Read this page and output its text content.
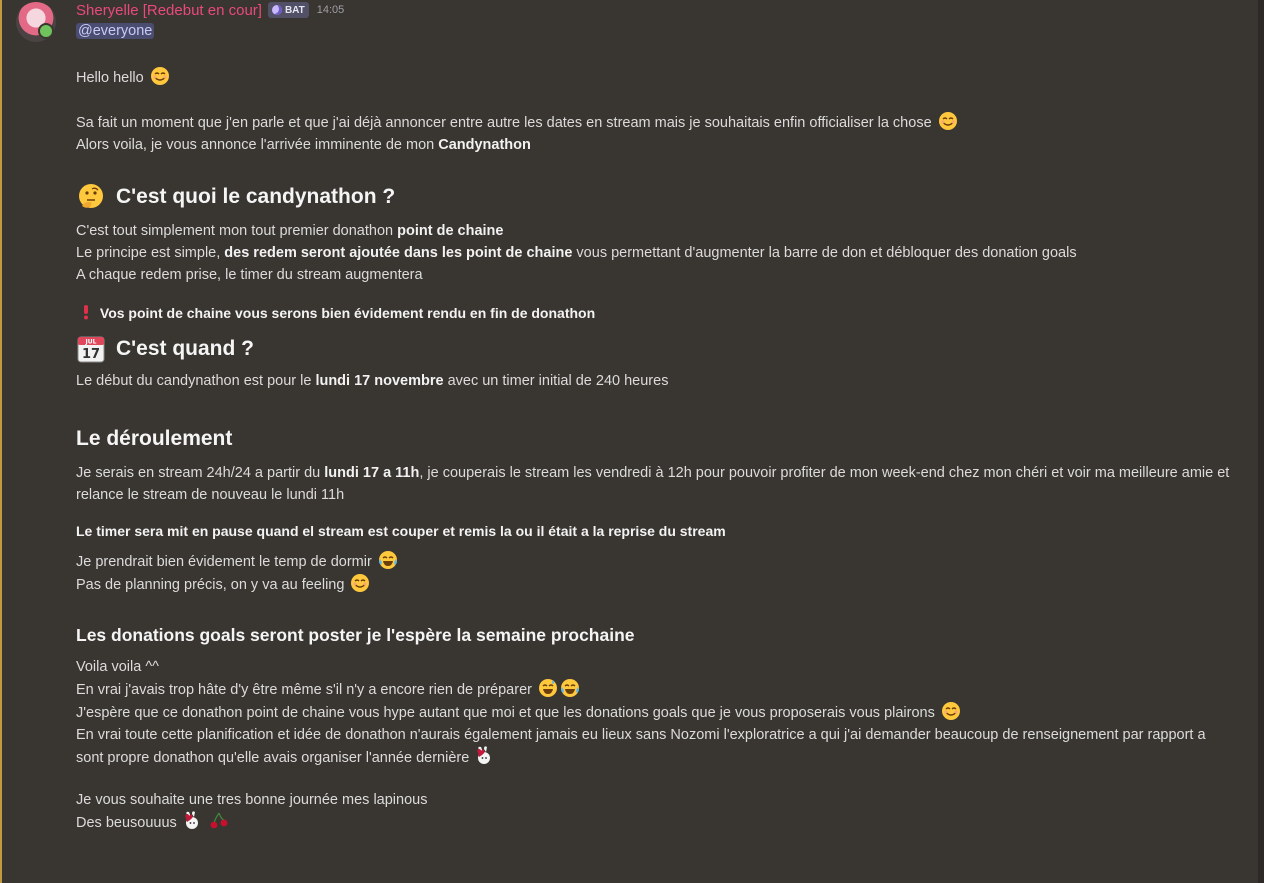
Sheryelle [Redebut en cour] BAT 14:05
@everyone
Hello hello
Sa fait un moment que j'en parle et que j'ai déjà annoncer entre autre les dates en stream mais je souhaitais enfin officialiser la chose
Alors voila, je vous annonce l'arrivée imminente de mon Candynathon
C'est quoi le candynathon ?
C'est tout simplement mon tout premier donathon point de chaine
Le principe est simple, des redem seront ajoutée dans les point de chaine vous permettant d'augmenter la barre de don et débloquer des donation goals
A chaque redem prise, le timer du stream augmentera
Vos point de chaine vous serons bien évidement rendu en fin de donathon
JUL
17 C'est quand ?
Le début du candynathon est pour le lundi 17 novembre avec un timer initial de 240 heures
Le déroulement
Je serais en stream 24h/24 a partir du lundi 17 a 11h, je couperais le stream les vendredi à 12h pour pouvoir profiter de mon week-end chez mon chéri et voir ma meilleure amie et relance le stream de nouveau le lundi 11h
Le timer sera mit en pause quand el stream est couper et remis la ou il était a la reprise du stream
Je prendrait bien évidement le temp de dormir
Pas de planning précis, on y va au feeling
Les donations goals seront poster je l'espère la semaine prochaine
Voila voila ^^
En vrai j'avais trop hâte d'y être même s'il n'y a encore rien de préparer
J'espère que ce donathon point de chaine vous hype autant que moi et que les donations goals que je vous proposerais vous plairons
En vrai toute cette planification et idée de donathon n'aurais également jamais eu lieux sans Nozomi l'exploratrice a qui j'ai demander beaucoup de renseignement par rapport a sont propre donathon qu'elle avais organiser l'année dernière
Je vous souhaite une tres bonne journée mes lapinous
Des beusouuus
